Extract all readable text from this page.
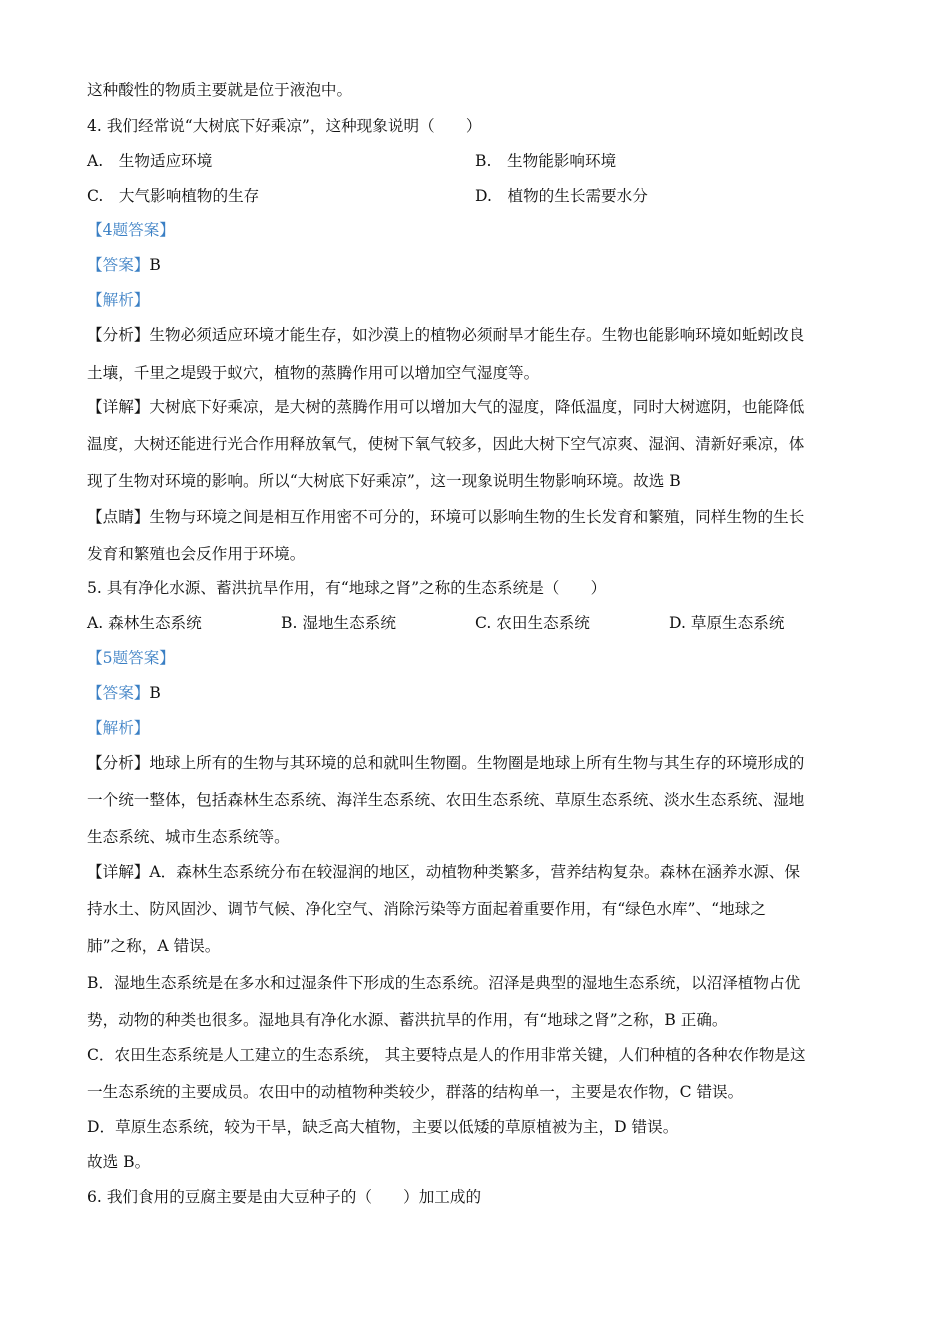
这种酸性的物质主要就是位于液泡中。
4. 我们经常说“大树底下好乘凉”，这种现象说明（　　）
A.　生物适应环境	B.　生物能影响环境
C.　大气影响植物的生存	D.　植物的生长需要水分
【4题答案】
【答案】B
【解析】
【分析】生物必须适应环境才能生存，如沙漠上的植物必须耐旱才能生存。生物也能影响环境如蚯蚓改良
土壤，千里之堤毁于蚁穴，植物的蒸腾作用可以增加空气湿度等。
【详解】大树底下好乘凉，是大树的蒸腾作用可以增加大气的湿度，降低温度，同时大树遮阴，也能降低
温度，大树还能进行光合作用释放氧气，使树下氧气较多，因此大树下空气凉爽、湿润、清新好乘凉，体
现了生物对环境的影响。所以“大树底下好乘凉”，这一现象说明生物影响环境。故选 B
【点睛】生物与环境之间是相互作用密不可分的，环境可以影响生物的生长发育和繁殖，同样生物的生长
发育和繁殖也会反作用于环境。
5. 具有净化水源、蓄洪抗旱作用，有“地球之肾”之称的生态系统是（　　）
A. 森林生态系统	B. 湿地生态系统	C. 农田生态系统	D. 草原生态系统
【5题答案】
【答案】B
【解析】
【分析】地球上所有的生物与其环境的总和就叫生物圈。生物圈是地球上所有生物与其生存的环境形成的
一个统一整体，包括森林生态系统、海洋生态系统、农田生态系统、草原生态系统、淡水生态系统、湿地
生态系统、城市生态系统等。
【详解】A．森林生态系统分布在较湿润的地区，动植物种类繁多，营养结构复杂。森林在涵养水源、保
持水土、防风固沙、调节气候、净化空气、消除污染等方面起着重要作用，有“绿色水库”、“地球之
肺”之称，A 错误。
B．湿地生态系统是在多水和过湿条件下形成的生态系统。沼泽是典型的湿地生态系统，以沼泽植物占优
势，动物的种类也很多。湿地具有净化水源、蓄洪抗旱的作用，有“地球之肾”之称，B 正确。
C．农田生态系统是人工建立的生态系统， 其主要特点是人的作用非常关键，人们种植的各种农作物是这
一生态系统的主要成员。农田中的动植物种类较少，群落的结构单一，主要是农作物，C 错误。
D．草原生态系统，较为干旱，缺乏高大植物，主要以低矮的草原植被为主，D 错误。
故选 B。
6. 我们食用的豆腐主要是由大豆种子的（　　）加工成的
